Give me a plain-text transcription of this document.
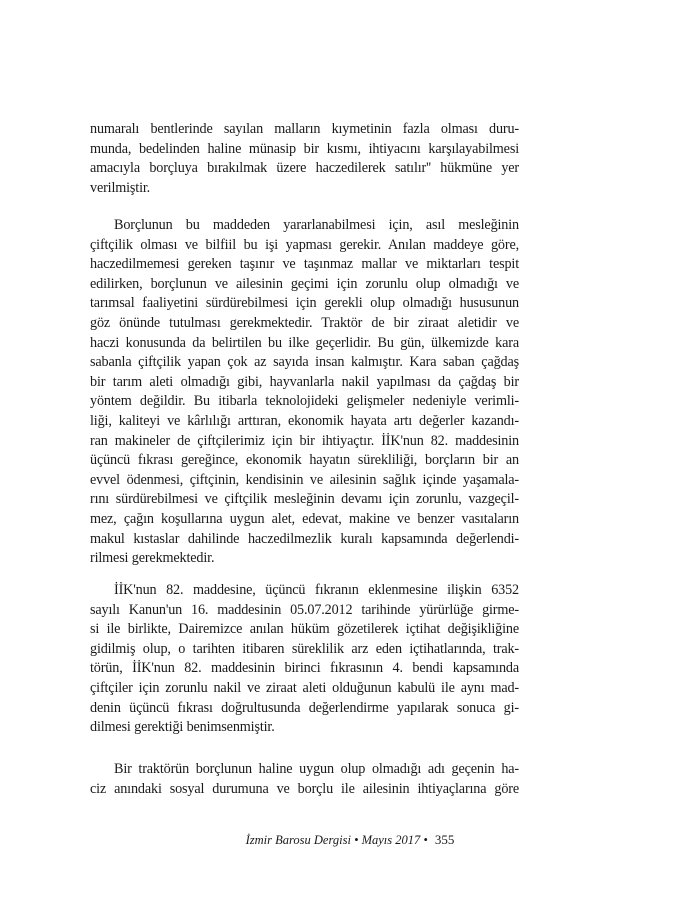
numaralı bentlerinde sayılan malların kıymetinin fazla olması duru-
munda, bedelinden haline münasip bir kısmı, ihtiyacını karşılayabilmesi
amacıyla borçluya bırakılmak üzere haczedilerek satılır'' hükmüne yer
verilmiştir.
Borçlunun bu maddeden yararlanabilmesi için, asıl mesleğinin
çiftçilik olması ve bilfiil bu işi yapması gerekir. Anılan maddeye göre,
haczedilmemesi gereken taşınır ve taşınmaz mallar ve miktarları tespit
edilirken, borçlunun ve ailesinin geçimi için zorunlu olup olmadığı ve
tarımsal faaliyetini sürdürebilmesi için gerekli olup olmadığı hususunun
göz önünde tutulması gerekmektedir. Traktör de bir ziraat aletidir ve
haczi konusunda da belirtilen bu ilke geçerlidir. Bu gün, ülkemizde kara
sabanla çiftçilik yapan çok az sayıda insan kalmıştır. Kara saban çağdaş
bir tarım aleti olmadığı gibi, hayvanlarla nakil yapılması da çağdaş bir
yöntem değildir. Bu itibarla teknolojideki gelişmeler nedeniyle verimli-
liği, kaliteyi ve kârlılığı arttıran, ekonomik hayata artı değerler kazandı-
ran makineler de çiftçilerimiz için bir ihtiyaçtır. İİK'nun 82. maddesinin
üçüncü fıkrası gereğince, ekonomik hayatın sürekliliği, borçların bir an
evvel ödenmesi, çiftçinin, kendisinin ve ailesinin sağlık içinde yaşamala-
rını sürdürebilmesi ve çiftçilik mesleğinin devamı için zorunlu, vazgeçil-
mez, çağın koşullarına uygun alet, edevat, makine ve benzer vasıtaların
makul kıstaslar dahilinde haczedilmezlik kuralı kapsamında değerlendi-
rilmesi gerekmektedir.
İİK'nun 82. maddesine, üçüncü fıkranın eklenmesine ilişkin 6352
sayılı Kanun'un 16. maddesinin 05.07.2012 tarihinde yürürlüğe girme-
si ile birlikte, Dairemizce anılan hüküm gözetilerek içtihat değişikliğine
gidilmiş olup, o tarihten itibaren süreklilik arz eden içtihatlarında, trak-
törün, İİK'nun 82. maddesinin birinci fıkrasının 4. bendi kapsamında
çiftçiler için zorunlu nakil ve ziraat aleti olduğunun kabulü ile aynı mad-
denin üçüncü fıkrası doğrultusunda değerlendirme yapılarak sonuca gi-
dilmesi gerektiği benimsenmiştir.
Bir traktörün borçlunun haline uygun olup olmadığı adı geçenin ha-
ciz anındaki sosyal durumuna ve borçlu ile ailesinin ihtiyaçlarına göre
İzmir Barosu Dergisi • Mayıs 2017 • 355
